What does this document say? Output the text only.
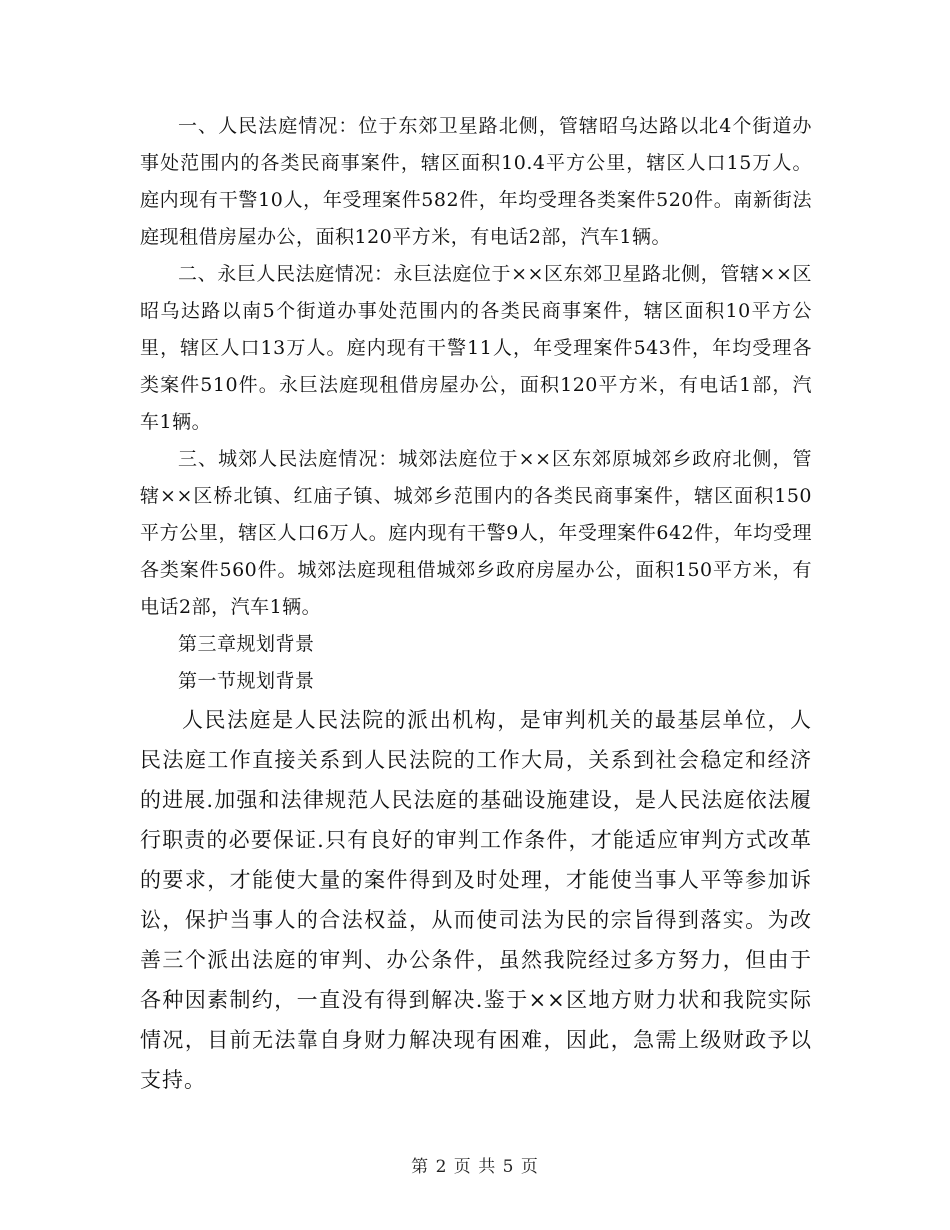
一、人民法庭情况：位于东郊卫星路北侧，管辖昭乌达路以北4个街道办事处范围内的各类民商事案件，辖区面积10.4平方公里，辖区人口15万人。庭内现有干警10人，年受理案件582件，年均受理各类案件520件。南新街法庭现租借房屋办公，面积120平方米，有电话2部，汽车1辆。

二、永巨人民法庭情况：永巨法庭位于××区东郊卫星路北侧，管辖××区昭乌达路以南5个街道办事处范围内的各类民商事案件，辖区面积10平方公里，辖区人口13万人。庭内现有干警11人，年受理案件543件，年均受理各类案件510件。永巨法庭现租借房屋办公，面积120平方米，有电话1部，汽车1辆。

三、城郊人民法庭情况：城郊法庭位于××区东郊原城郊乡政府北侧，管辖××区桥北镇、红庙子镇、城郊乡范围内的各类民商事案件，辖区面积150平方公里，辖区人口6万人。庭内现有干警9人，年受理案件642件，年均受理各类案件560件。城郊法庭现租借城郊乡政府房屋办公，面积150平方米，有电话2部，汽车1辆。

第三章规划背景

第一节规划背景

人民法庭是人民法院的派出机构，是审判机关的最基层单位，人民法庭工作直接关系到人民法院的工作大局，关系到社会稳定和经济的进展.加强和法律规范人民法庭的基础设施建设，是人民法庭依法履行职责的必要保证.只有良好的审判工作条件，才能适应审判方式改革的要求，才能使大量的案件得到及时处理，才能使当事人平等参加诉讼，保护当事人的合法权益，从而使司法为民的宗旨得到落实。为改善三个派出法庭的审判、办公条件，虽然我院经过多方努力，但由于各种因素制约，一直没有得到解决.鉴于××区地方财力状和我院实际情况，目前无法靠自身财力解决现有困难，因此，急需上级财政予以支持。

第 2 页 共 5 页
